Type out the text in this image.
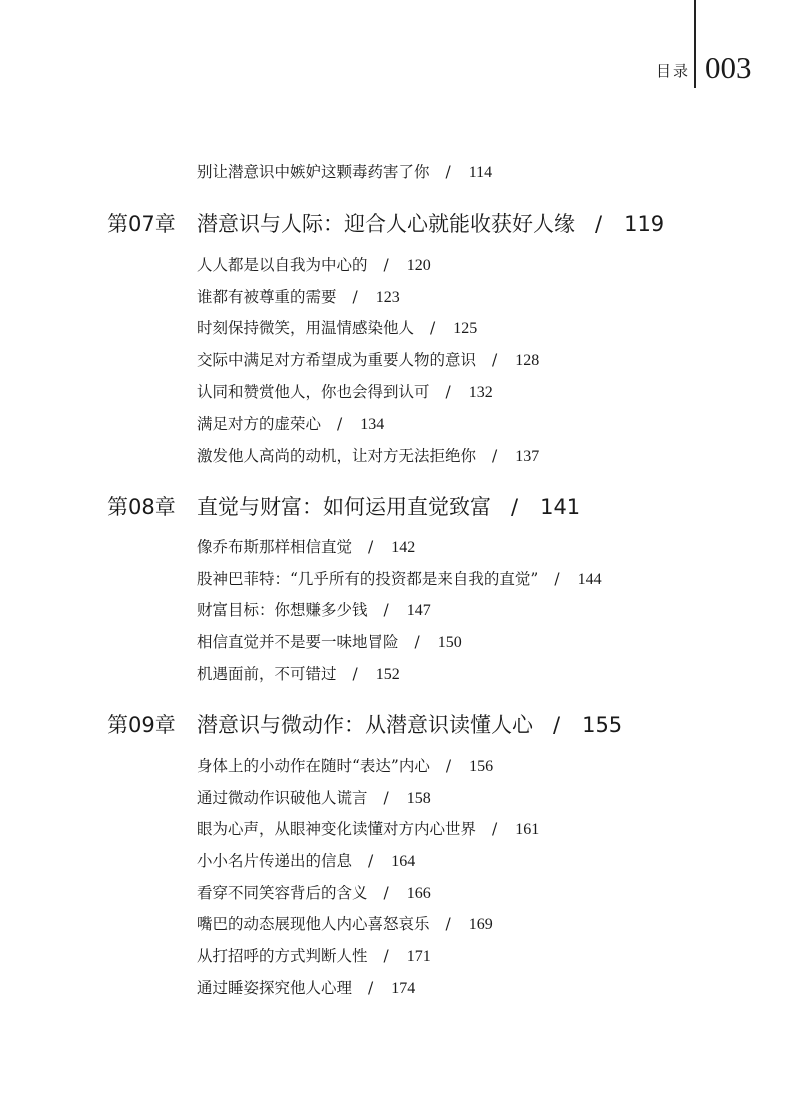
目录 003
别让潜意识中嫉妒这颗毒药害了你 / 114
第07章 潜意识与人际：迎合人心就能收获好人缘 / 119
人人都是以自我为中心的 / 120
谁都有被尊重的需要 / 123
时刻保持微笑，用温情感染他人 / 125
交际中满足对方希望成为重要人物的意识 / 128
认同和赞赏他人，你也会得到认可 / 132
满足对方的虚荣心 / 134
激发他人高尚的动机，让对方无法拒绝你 / 137
第08章 直觉与财富：如何运用直觉致富 / 141
像乔布斯那样相信直觉 / 142
股神巴菲特：“几乎所有的投资都是来自我的直觉” / 144
财富目标：你想赚多少钱 / 147
相信直觉并不是要一味地冒险 / 150
机遇面前，不可错过 / 152
第09章 潜意识与微动作：从潜意识读懂人心 / 155
身体上的小动作在随时“表达”内心 / 156
通过微动作识破他人谎言 / 158
眼为心声，从眼神变化读懂对方内心世界 / 161
小小名片传递出的信息 / 164
看穿不同笑容背后的含义 / 166
嘴巴的动态展现他人内心喜怒哀乐 / 169
从打招呼的方式判断人性 / 171
通过睡姿探究他人心理 / 174
